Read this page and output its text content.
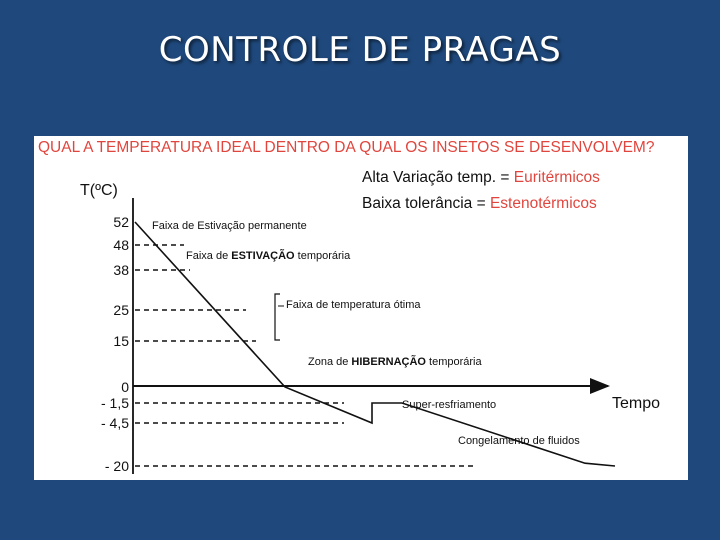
CONTROLE DE PRAGAS
QUAL A TEMPERATURA IDEAL DENTRO DA QUAL OS INSETOS SE DESENVOLVEM?
Alta Variação temp. = Euritérmicos
Baixa tolerância = Estenotérmicos
T(ºC)
Tempo
52
48
38
25
15
0
- 1,5
- 4,5
- 20
Faixa de Estivação permanente
Faixa de ESTIVAÇÃO temporária
Faixa de temperatura ótima
Zona de HIBERNAÇÃO temporária
Super-resfriamento
Congelamento de fluidos
